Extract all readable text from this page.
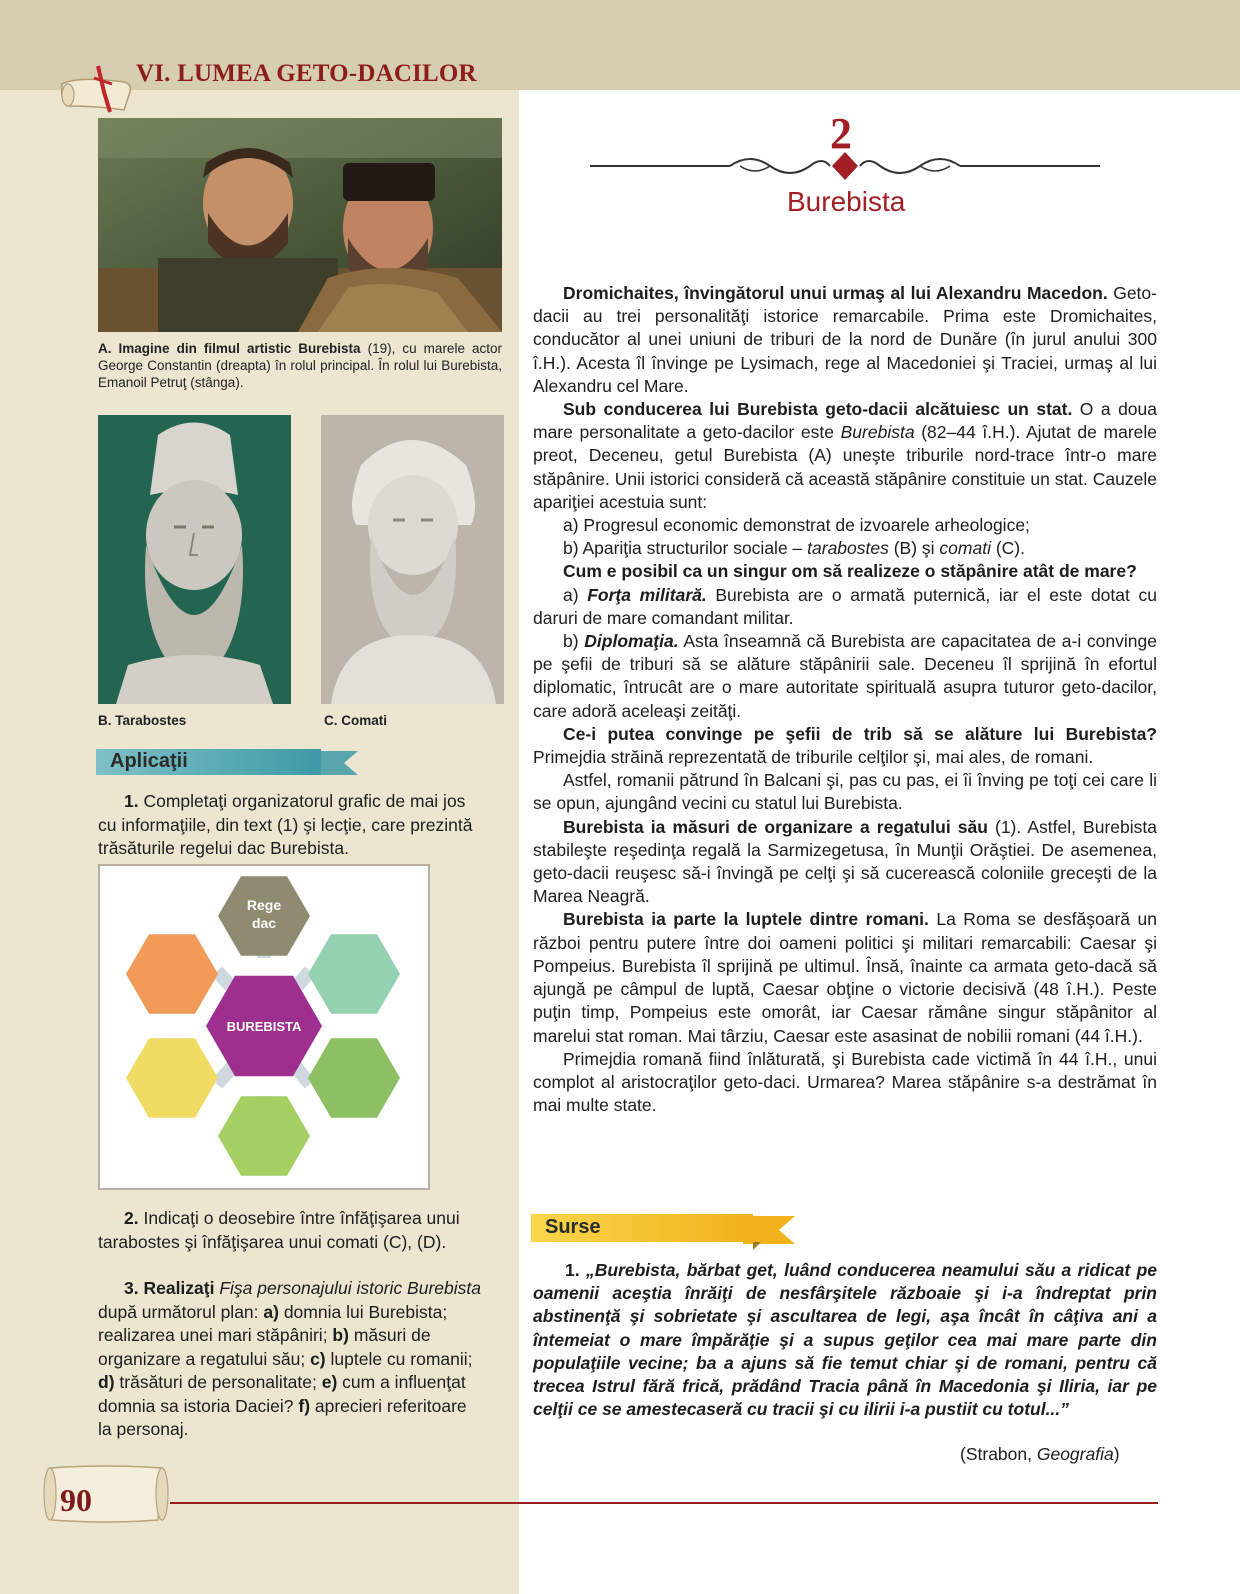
VI. LUMEA GETO-DACILOR
A. Imagine din filmul artistic Burebista (19), cu marele actor George Constantin (dreapta) în rolul principal. În rolul lui Burebista, Emanoil Petruţ (stânga).
B. Tarabostes	C. Comati
Aplicaţii

1. Completaţi organizatorul grafic de mai jos cu informaţiile, din text (1) şi lecţie, care prezintă trăsăturile regelui dac Burebista.

BUREBISTA
Rege
dac

2. Indicaţi o deosebire între înfăţişarea unui tarabostes şi înfăţişarea unui comati (C), (D).

3. Realizaţi Fişa personajului istoric Burebista după următorul plan: a) domnia lui Burebista; realizarea unei mari stăpâniri; b) măsuri de organizare a regatului său; c) luptele cu romanii; d) trăsături de personalitate; e) cum a influenţat domnia sa istoria Daciei? f) aprecieri referitoare la personaj.

2
Burebista

Dromichaites, învingătorul unui urmaş al lui Alexandru Macedon. Geto-dacii au trei personalităţi istorice remarcabile. Prima este Dromichaites, conducător al unei uniuni de triburi de la nord de Dunăre (în jurul anului 300 î.H.). Acesta îl învinge pe Lysimach, rege al Macedoniei şi Traciei, urmaş al lui Alexandru cel Mare.

Sub conducerea lui Burebista geto-dacii alcătuiesc un stat. O a doua mare personalitate a geto-dacilor este Burebista (82–44 î.H.). Ajutat de marele preot, Deceneu, getul Burebista (A) uneşte triburile nord-trace într-o mare stăpânire. Unii istorici consideră că această stăpânire constituie un stat. Cauzele apariţiei acestuia sunt:

a) Progresul economic demonstrat de izvoarele arheologice;

b) Apariţia structurilor sociale – tarabostes (B) şi comati (C).

Cum e posibil ca un singur om să realizeze o stăpânire atât de mare?

a) Forţa militară. Burebista are o armată puternică, iar el este dotat cu daruri de mare comandant militar.

b) Diplomaţia. Asta înseamnă că Burebista are capacitatea de a-i convinge pe şefii de triburi să se alăture stăpânirii sale. Deceneu îl sprijină în efortul diplomatic, întrucât are o mare autoritate spirituală asupra tuturor geto-dacilor, care adoră aceleaşi zeităţi.

Ce-i putea convinge pe şefii de trib să se alăture lui Burebista? Primejdia străină reprezentată de triburile celţilor şi, mai ales, de romani.

Astfel, romanii pătrund în Balcani şi, pas cu pas, ei îi înving pe toţi cei care li se opun, ajungând vecini cu statul lui Burebista.

Burebista ia măsuri de organizare a regatului său (1). Astfel, Burebista stabileşte reşedinţa regală la Sarmizegetusa, în Munţii Orăştiei. De asemenea, geto-dacii reuşesc să-i învingă pe celţi şi să cucerească coloniile greceşti de la Marea Neagră.

Burebista ia parte la luptele dintre romani. La Roma se desfăşoară un război pentru putere între doi oameni politici şi militari remarcabili: Caesar şi Pompeius. Burebista îl sprijină pe ultimul. Însă, înainte ca armata geto-dacă să ajungă pe câmpul de luptă, Caesar obţine o victorie decisivă (48 î.H.). Peste puţin timp, Pompeius este omorât, iar Caesar rămâne singur stăpânitor al marelui stat roman. Mai târziu, Caesar este asasinat de nobilii romani (44 î.H.).

Primejdia romană fiind înlăturată, şi Burebista cade victimă în 44 î.H., unui complot al aristocraţilor geto-daci. Urmarea? Marea stăpânire s-a destrămat în mai multe state.

Surse

1. „Burebista, bărbat get, luând conducerea neamului său a ridicat pe oamenii aceştia înrăiţi de nesfârşitele războaie şi i-a îndreptat prin abstinenţă şi sobrietate şi ascultarea de legi, aşa încât în câţiva ani a întemeiat o mare împărăţie şi a supus geţilor cea mai mare parte din populaţiile vecine; ba a ajuns să fie temut chiar şi de romani, pentru că trecea Istrul fără frică, prădând Tracia până în Macedonia şi Iliria, iar pe celţii ce se amestecaseră cu tracii şi cu ilirii i-a pustiit cu totul...”

(Strabon, Geografia)
90
